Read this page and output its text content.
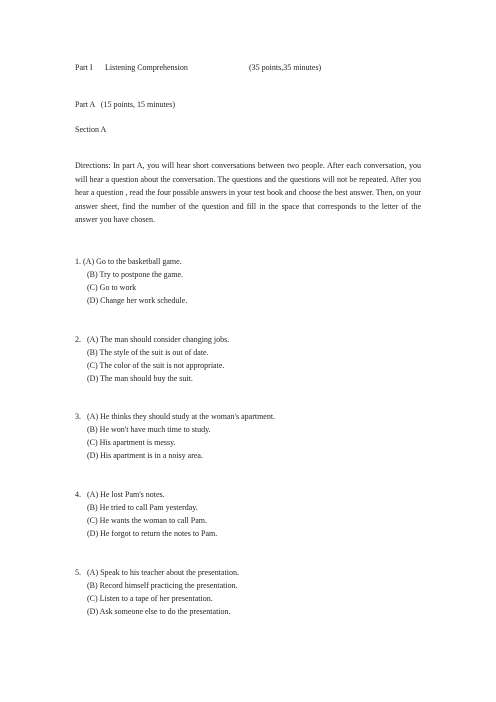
Part I Listening Comprehension	(35 points,35 minutes)
Part A   (15 points, 15 minutes)
Section A
Directions: In part A, you will hear short conversations between two people. After each conversation, you will hear a question about the conversation. The questions and the questions will not be repeated. After you hear a question , read the four possible answers in your test book and choose the best answer. Then, on your answer sheet, find the number of the question and fill in the space that corresponds to the letter of the answer you have chosen.
1. (A) Go to the basketball game.
(B) Try to postpone the game.
(C) Go to work
(D) Change her work schedule.
2.   (A) The man should consider changing jobs.
(B) The style of the suit is out of date.
(C) The color of the suit is not appropriate.
(D) The man should buy the suit.
3.   (A) He thinks they should study at the woman's apartment.
(B) He won't have much time to study.
(C) His apartment is messy.
(D) His apartment is in a noisy area.
4.   (A) He lost Pam's notes.
(B) He tried to call Pam yesterday.
(C) He wants the woman to call Pam.
(D) He forgot to return the notes to Pam.
5.   (A) Speak to his teacher about the presentation.
(B) Record himself practicing the presentation.
(C) Listen to a tape of her presentation.
(D) Ask someone else to do the presentation.
